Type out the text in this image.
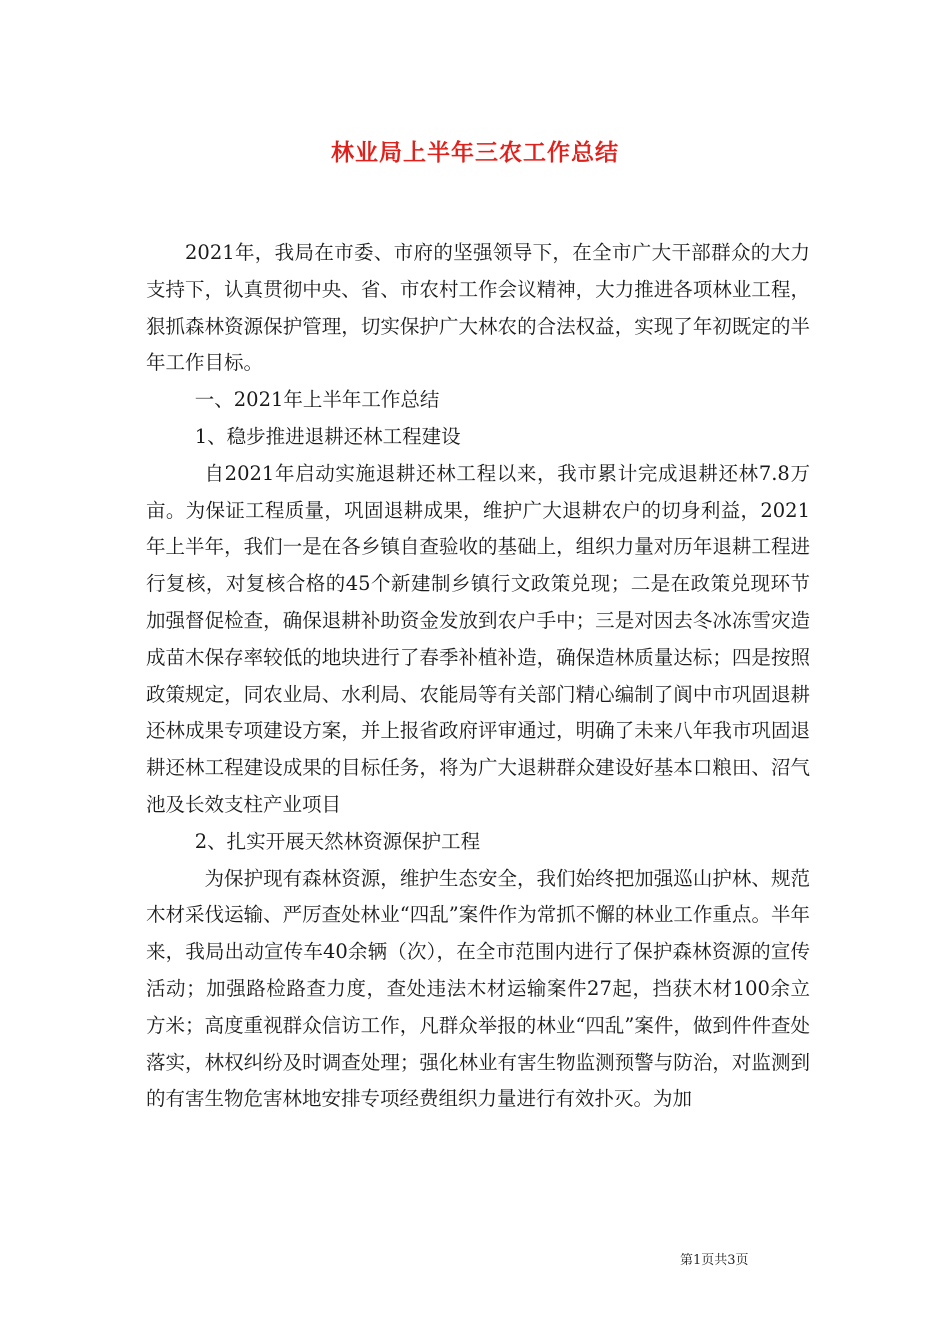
林业局上半年三农工作总结

2021年，我局在市委、市府的坚强领导下，在全市广大干部群众的大力支持下，认真贯彻中央、省、市农村工作会议精神，大力推进各项林业工程，狠抓森林资源保护管理，切实保护广大林农的合法权益，实现了年初既定的半年工作目标。

一、2021年上半年工作总结

1、稳步推进退耕还林工程建设

自2021年启动实施退耕还林工程以来，我市累计完成退耕还林7.8万亩。为保证工程质量，巩固退耕成果，维护广大退耕农户的切身利益，2021年上半年，我们一是在各乡镇自查验收的基础上，组织力量对历年退耕工程进行复核，对复核合格的45个新建制乡镇行文政策兑现；二是在政策兑现环节加强督促检查，确保退耕补助资金发放到农户手中；三是对因去冬冰冻雪灾造成苗木保存率较低的地块进行了春季补植补造，确保造林质量达标；四是按照政策规定，同农业局、水利局、农能局等有关部门精心编制了阆中市巩固退耕还林成果专项建设方案，并上报省政府评审通过，明确了未来八年我市巩固退耕还林工程建设成果的目标任务，将为广大退耕群众建设好基本口粮田、沼气池及长效支柱产业项目

2、扎实开展天然林资源保护工程

为保护现有森林资源，维护生态安全，我们始终把加强巡山护林、规范木材采伐运输、严厉查处林业“四乱”案件作为常抓不懈的林业工作重点。半年来，我局出动宣传车40余辆（次），在全市范围内进行了保护森林资源的宣传活动；加强路检路查力度，查处违法木材运输案件27起，挡获木材100余立方米；高度重视群众信访工作，凡群众举报的林业“四乱”案件，做到件件查处落实，林权纠纷及时调查处理；强化林业有害生物监测预警与防治，对监测到的有害生物危害林地安排专项经费组织力量进行有效扑灭。为加

第1页共3页
